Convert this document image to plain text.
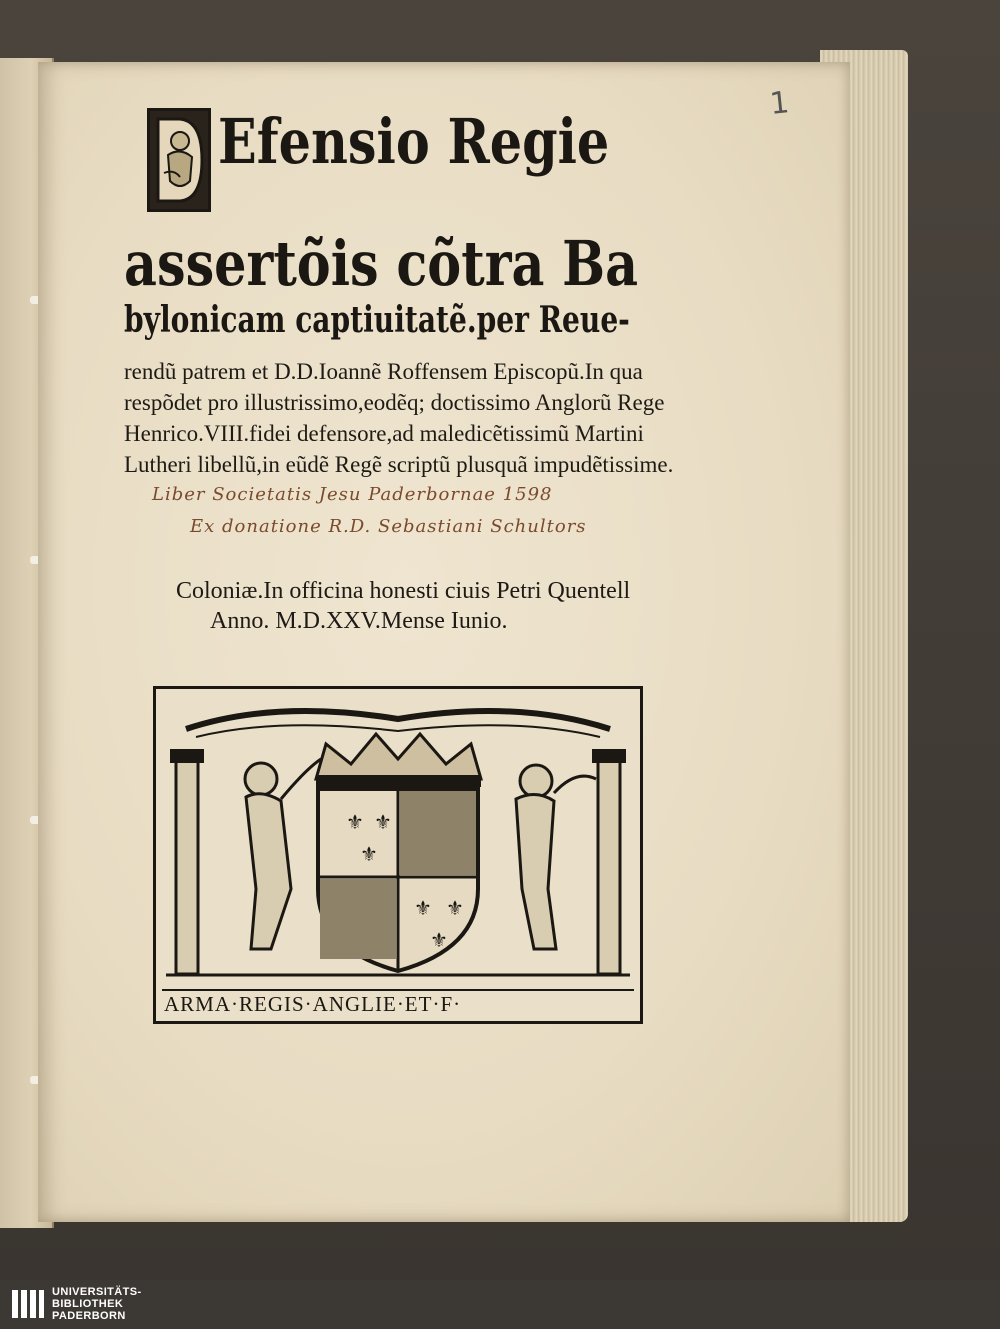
1
Efensio Regie
assertõis cõtra Ba
bylonicam captiuitatẽ.per Reue-
rendũ patrem et D.D.Ioannẽ Roffensem Episcopũ.In qua
respõdet pro illustrissimo,eodẽq; doctissimo Anglorũ Rege
Henrico.VIII.fidei defensore,ad maledicẽtissimũ Martini
Lutheri libellũ,in eũdẽ Regẽ scriptũ plusquã impudẽtissime.
Liber Societatis Jesu Paderbornae 1598
Ex donatione R.D. Sebastiani Schultors
Coloniæ.In officina honesti ciuis Petri Quentell
Anno. M.D.XXV.Mense Iunio.
⚜ ⚜
⚜
⚜ ⚜
⚜
ARMA·REGIS·ANGLIE·ET·F·
UNIVERSITÄTS-
BIBLIOTHEK
PADERBORN
